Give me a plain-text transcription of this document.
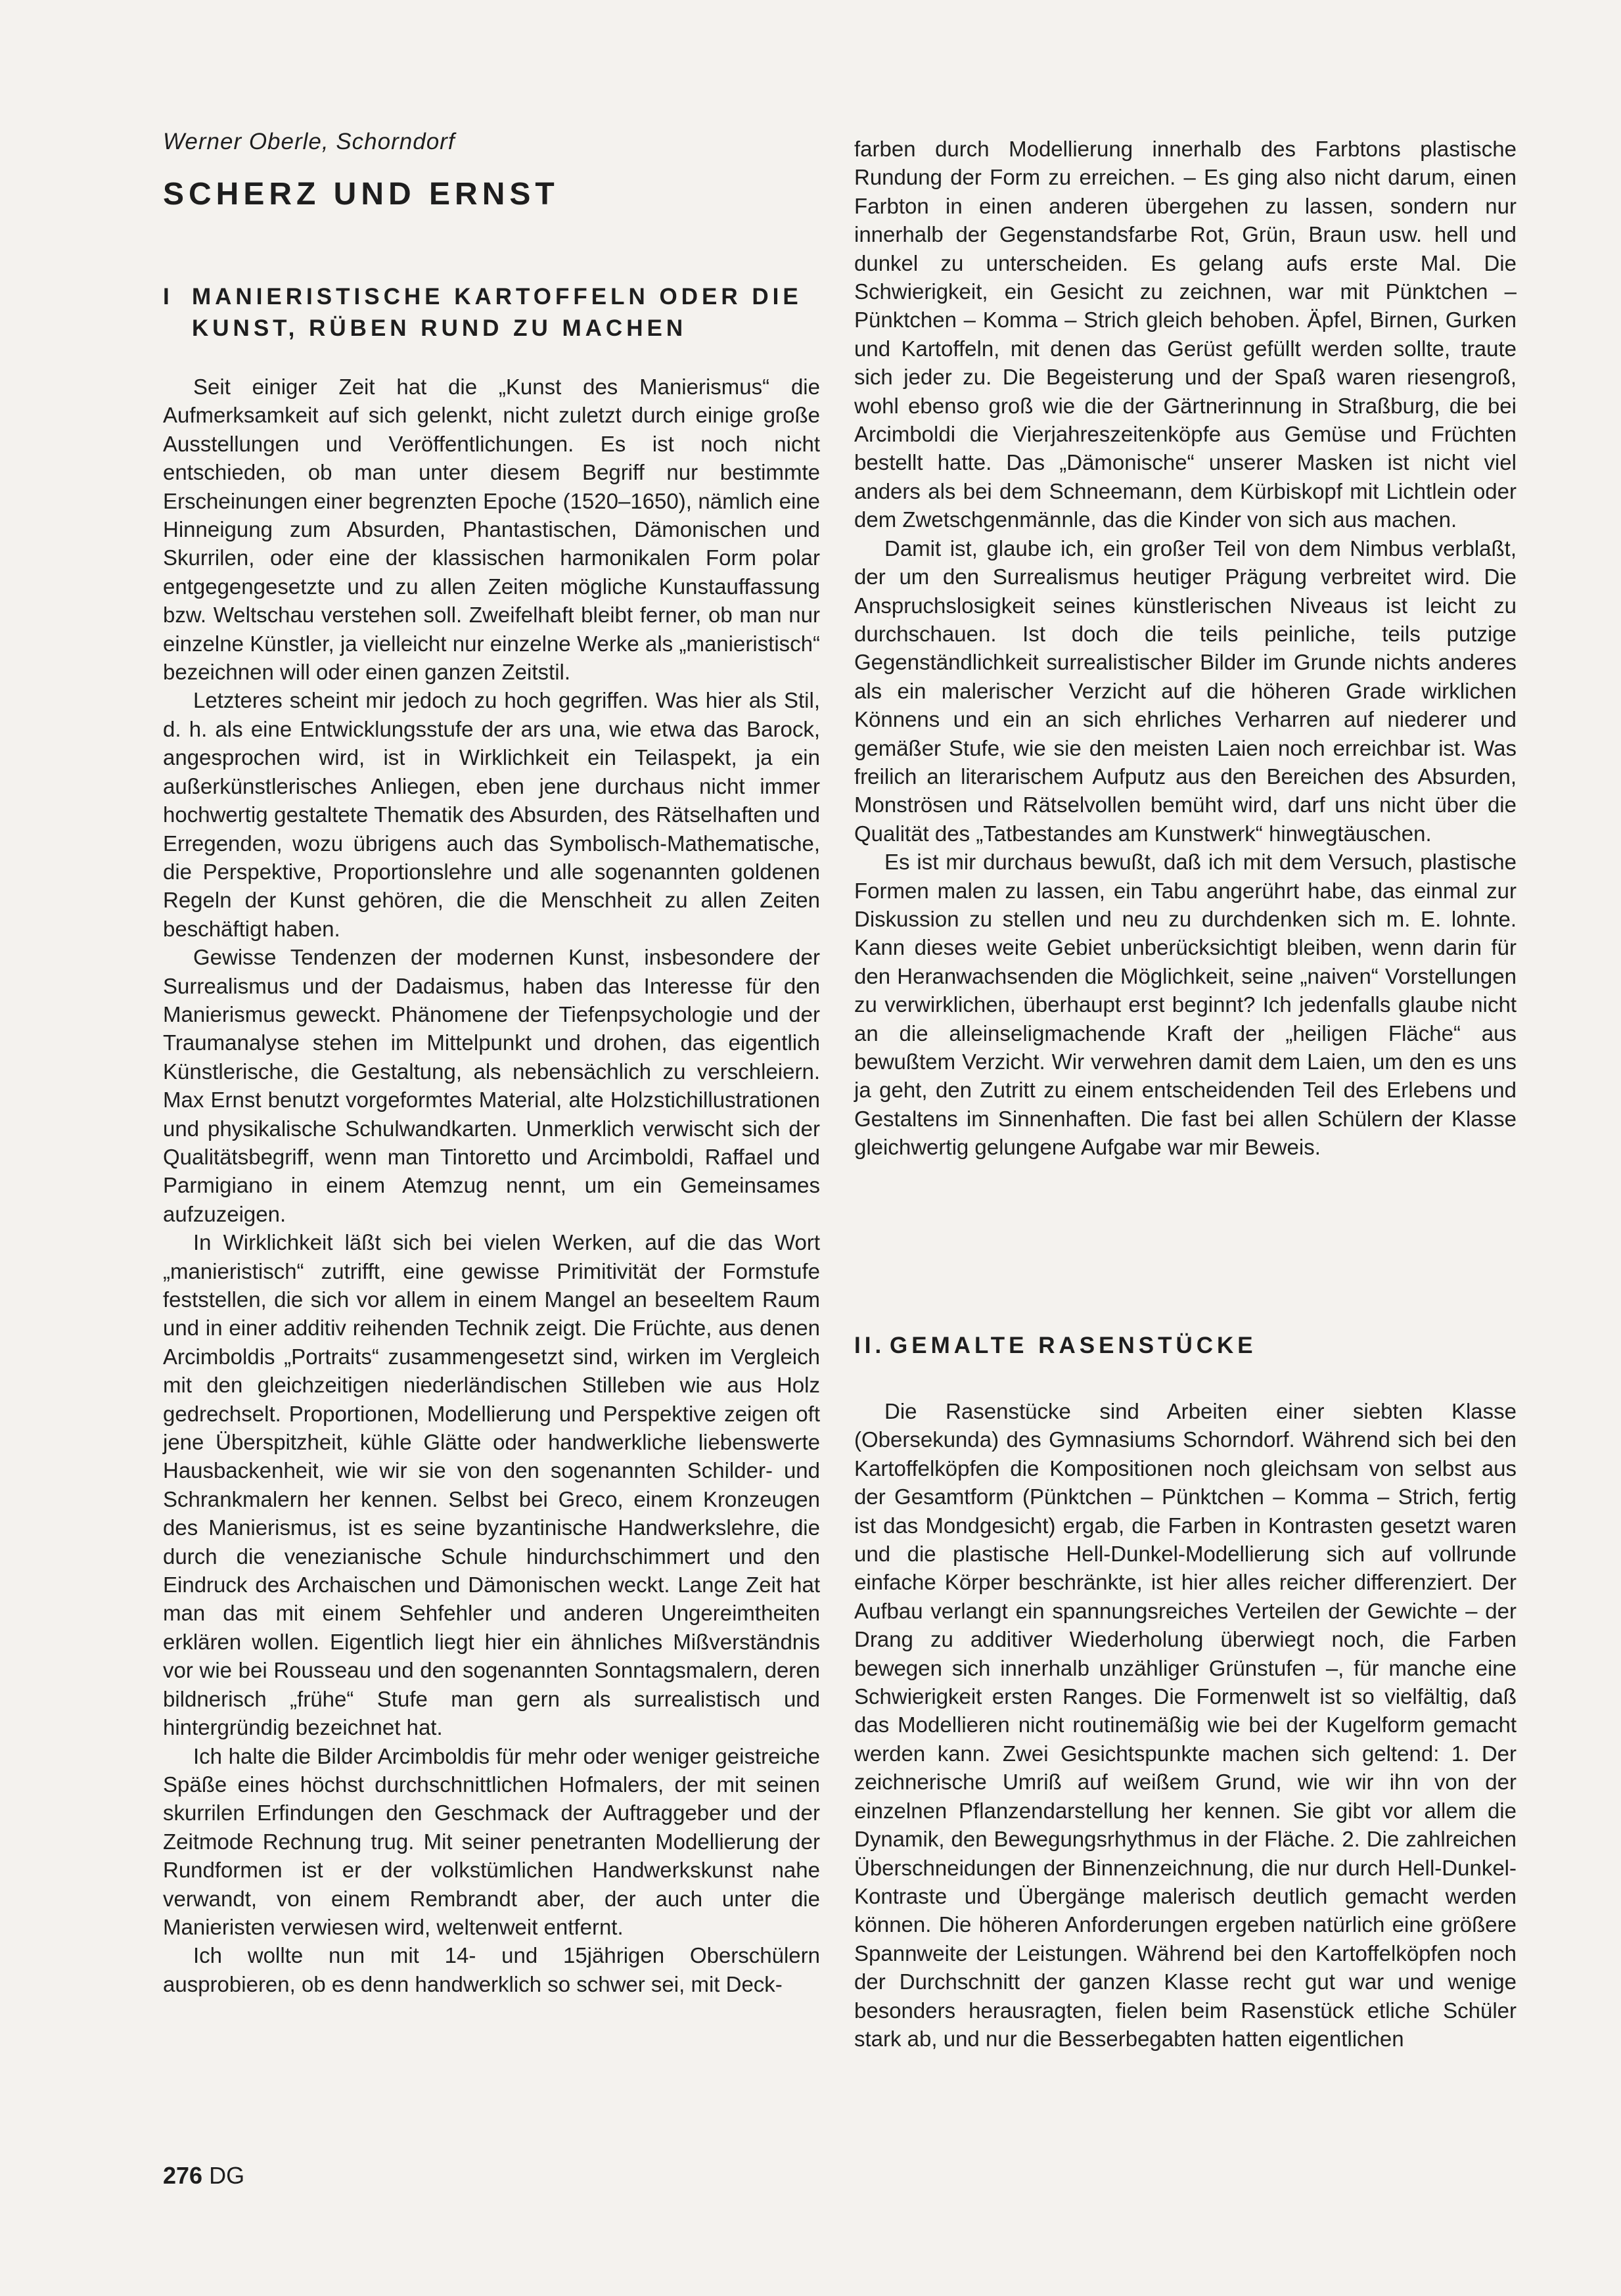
Werner Oberle, Schorndorf
SCHERZ UND ERNST
I MANIERISTISCHE KARTOFFELN ODER DIE
KUNST, RÜBEN RUND ZU MACHEN

Seit einiger Zeit hat die „Kunst des Manierismus“ die Aufmerksamkeit auf sich gelenkt, nicht zuletzt durch einige große Ausstellungen und Veröffentlichungen. Es ist noch nicht entschieden, ob man unter diesem Begriff nur bestimmte Erscheinungen einer begrenzten Epoche (1520–1650), nämlich eine Hinneigung zum Absurden, Phantastischen, Dämonischen und Skurrilen, oder eine der klassischen harmonikalen Form polar entgegengesetzte und zu allen Zeiten mögliche Kunstauffassung bzw. Weltschau verstehen soll. Zweifelhaft bleibt ferner, ob man nur einzelne Künstler, ja vielleicht nur einzelne Werke als „manieristisch“ bezeichnen will oder einen ganzen Zeitstil.

Letzteres scheint mir jedoch zu hoch gegriffen. Was hier als Stil, d. h. als eine Entwicklungsstufe der ars una, wie etwa das Barock, angesprochen wird, ist in Wirklichkeit ein Teilaspekt, ja ein außerkünstlerisches Anliegen, eben jene durchaus nicht immer hochwertig gestaltete Thematik des Absurden, des Rätselhaften und Erregenden, wozu übrigens auch das Symbolisch-Mathematische, die Perspektive, Proportionslehre und alle sogenannten goldenen Regeln der Kunst gehören, die die Menschheit zu allen Zeiten beschäftigt haben.

Gewisse Tendenzen der modernen Kunst, insbesondere der Surrealismus und der Dadaismus, haben das Interesse für den Manierismus geweckt. Phänomene der Tiefenpsychologie und der Traumanalyse stehen im Mittelpunkt und drohen, das eigentlich Künstlerische, die Gestaltung, als nebensächlich zu verschleiern. Max Ernst benutzt vorgeformtes Material, alte Holzstichillustrationen und physikalische Schulwandkarten. Unmerklich verwischt sich der Qualitätsbegriff, wenn man Tintoretto und Arcimboldi, Raffael und Parmigiano in einem Atemzug nennt, um ein Gemeinsames aufzuzeigen.

In Wirklichkeit läßt sich bei vielen Werken, auf die das Wort „manieristisch“ zutrifft, eine gewisse Primitivität der Formstufe feststellen, die sich vor allem in einem Mangel an beseeltem Raum und in einer additiv reihenden Technik zeigt. Die Früchte, aus denen Arcimboldis „Portraits“ zusammengesetzt sind, wirken im Vergleich mit den gleichzeitigen niederländischen Stilleben wie aus Holz gedrechselt. Proportionen, Modellierung und Perspektive zeigen oft jene Überspitzheit, kühle Glätte oder handwerkliche liebenswerte Hausbackenheit, wie wir sie von den sogenannten Schilder- und Schrankmalern her kennen. Selbst bei Greco, einem Kronzeugen des Manierismus, ist es seine byzantinische Handwerkslehre, die durch die venezianische Schule hindurchschimmert und den Eindruck des Archaischen und Dämonischen weckt. Lange Zeit hat man das mit einem Sehfehler und anderen Ungereimtheiten erklären wollen. Eigentlich liegt hier ein ähnliches Mißverständnis vor wie bei Rousseau und den sogenannten Sonntagsmalern, deren bildnerisch „frühe“ Stufe man gern als surrealistisch und hintergründig bezeichnet hat.

Ich halte die Bilder Arcimboldis für mehr oder weniger geistreiche Späße eines höchst durchschnittlichen Hofmalers, der mit seinen skurrilen Erfindungen den Geschmack der Auftraggeber und der Zeitmode Rechnung trug. Mit seiner penetranten Modellierung der Rundformen ist er der volkstümlichen Handwerkskunst nahe verwandt, von einem Rembrandt aber, der auch unter die Manieristen verwiesen wird, weltenweit entfernt.

Ich wollte nun mit 14- und 15jährigen Oberschülern ausprobieren, ob es denn handwerklich so schwer sei, mit Deck-

farben durch Modellierung innerhalb des Farbtons plastische Rundung der Form zu erreichen. – Es ging also nicht darum, einen Farbton in einen anderen übergehen zu lassen, sondern nur innerhalb der Gegenstandsfarbe Rot, Grün, Braun usw. hell und dunkel zu unterscheiden. Es gelang aufs erste Mal. Die Schwierigkeit, ein Gesicht zu zeichnen, war mit Pünktchen – Pünktchen – Komma – Strich gleich behoben. Äpfel, Birnen, Gurken und Kartoffeln, mit denen das Gerüst gefüllt werden sollte, traute sich jeder zu. Die Begeisterung und der Spaß waren riesengroß, wohl ebenso groß wie die der Gärtnerinnung in Straßburg, die bei Arcimboldi die Vierjahreszeitenköpfe aus Gemüse und Früchten bestellt hatte. Das „Dämonische“ unserer Masken ist nicht viel anders als bei dem Schneemann, dem Kürbiskopf mit Lichtlein oder dem Zwetschgenmännle, das die Kinder von sich aus machen.

Damit ist, glaube ich, ein großer Teil von dem Nimbus verblaßt, der um den Surrealismus heutiger Prägung verbreitet wird. Die Anspruchslosigkeit seines künstlerischen Niveaus ist leicht zu durchschauen. Ist doch die teils peinliche, teils putzige Gegenständlichkeit surrealistischer Bilder im Grunde nichts anderes als ein malerischer Verzicht auf die höheren Grade wirklichen Könnens und ein an sich ehrliches Verharren auf niederer und gemäßer Stufe, wie sie den meisten Laien noch erreichbar ist. Was freilich an literarischem Aufputz aus den Bereichen des Absurden, Monströsen und Rätselvollen bemüht wird, darf uns nicht über die Qualität des „Tatbestandes am Kunstwerk“ hinwegtäuschen.

Es ist mir durchaus bewußt, daß ich mit dem Versuch, plastische Formen malen zu lassen, ein Tabu angerührt habe, das einmal zur Diskussion zu stellen und neu zu durchdenken sich m. E. lohnte. Kann dieses weite Gebiet unberücksichtigt bleiben, wenn darin für den Heranwachsenden die Möglichkeit, seine „naiven“ Vorstellungen zu verwirklichen, überhaupt erst beginnt? Ich jedenfalls glaube nicht an die alleinseligmachende Kraft der „heiligen Fläche“ aus bewußtem Verzicht. Wir verwehren damit dem Laien, um den es uns ja geht, den Zutritt zu einem entscheidenden Teil des Erlebens und Gestaltens im Sinnenhaften. Die fast bei allen Schülern der Klasse gleichwertig gelungene Aufgabe war mir Beweis.

II. GEMALTE RASENSTÜCKE

Die Rasenstücke sind Arbeiten einer siebten Klasse (Obersekunda) des Gymnasiums Schorndorf. Während sich bei den Kartoffelköpfen die Kompositionen noch gleichsam von selbst aus der Gesamtform (Pünktchen – Pünktchen – Komma – Strich, fertig ist das Mondgesicht) ergab, die Farben in Kontrasten gesetzt waren und die plastische Hell-Dunkel-Modellierung sich auf vollrunde einfache Körper beschränkte, ist hier alles reicher differenziert. Der Aufbau verlangt ein spannungsreiches Verteilen der Gewichte – der Drang zu additiver Wiederholung überwiegt noch, die Farben bewegen sich innerhalb unzähliger Grünstufen –, für manche eine Schwierigkeit ersten Ranges. Die Formenwelt ist so vielfältig, daß das Modellieren nicht routinemäßig wie bei der Kugelform gemacht werden kann. Zwei Gesichtspunkte machen sich geltend: 1. Der zeichnerische Umriß auf weißem Grund, wie wir ihn von der einzelnen Pflanzendarstellung her kennen. Sie gibt vor allem die Dynamik, den Bewegungsrhythmus in der Fläche. 2. Die zahlreichen Überschneidungen der Binnenzeichnung, die nur durch Hell-Dunkel-Kontraste und Übergänge malerisch deutlich gemacht werden können. Die höheren Anforderungen ergeben natürlich eine größere Spannweite der Leistungen. Während bei den Kartoffelköpfen noch der Durchschnitt der ganzen Klasse recht gut war und wenige besonders herausragten, fielen beim Rasenstück etliche Schüler stark ab, und nur die Besserbegabten hatten eigentlichen

276 DG
